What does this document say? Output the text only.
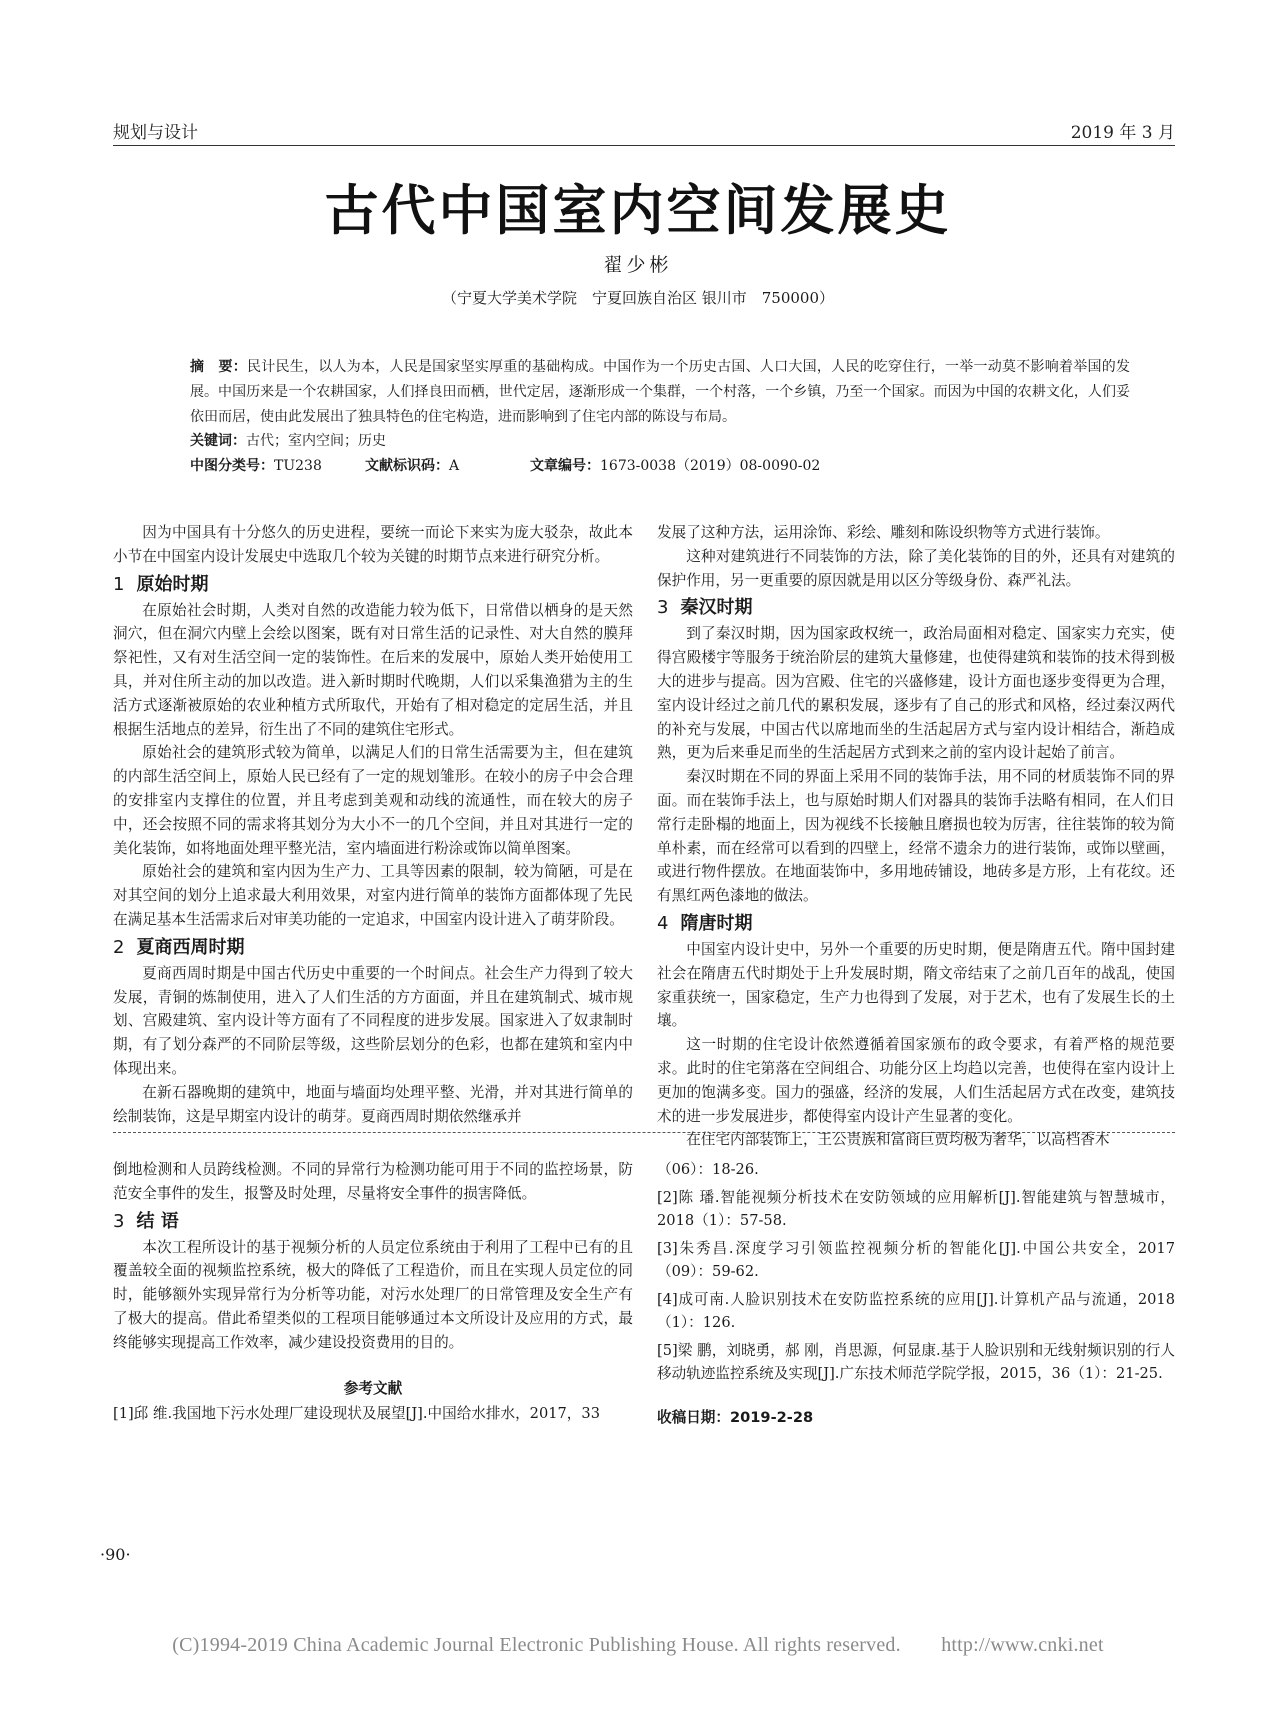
规划与设计	2019 年 3 月
古代中国室内空间发展史
翟少彬
（宁夏大学美术学院　宁夏回族自治区 银川市　750000）
摘　要：民计民生，以人为本，人民是国家坚实厚重的基础构成。中国作为一个历史古国、人口大国，人民的吃穿住行，一举一动莫不影响着举国的发展。中国历来是一个农耕国家，人们择良田而栖，世代定居，逐渐形成一个集群，一个村落，一个乡镇，乃至一个国家。而因为中国的农耕文化，人们妥依田而居，使由此发展出了独具特色的住宅构造，进而影响到了住宅内部的陈设与布局。
关键词：古代；室内空间；历史
中图分类号：TU238	文献标识码：A	文章编号：1673-0038（2019）08-0090-02

因为中国具有十分悠久的历史进程，要统一而论下来实为庞大驳杂，故此本小节在中国室内设计发展史中选取几个较为关键的时期节点来进行研究分析。

1 原始时期

在原始社会时期，人类对自然的改造能力较为低下，日常借以栖身的是天然洞穴，但在洞穴内壁上会绘以图案，既有对日常生活的记录性、对大自然的膜拜祭祀性，又有对生活空间一定的装饰性。在后来的发展中，原始人类开始使用工具，并对住所主动的加以改造。进入新时期时代晚期，人们以采集渔猎为主的生活方式逐渐被原始的农业种植方式所取代，开始有了相对稳定的定居生活，并且根据生活地点的差异，衍生出了不同的建筑住宅形式。

原始社会的建筑形式较为简单，以满足人们的日常生活需要为主，但在建筑的内部生活空间上，原始人民已经有了一定的规划雏形。在较小的房子中会合理的安排室内支撑住的位置，并且考虑到美观和动线的流通性，而在较大的房子中，还会按照不同的需求将其划分为大小不一的几个空间，并且对其进行一定的美化装饰，如将地面处理平整光洁，室内墙面进行粉涂或饰以简单图案。

原始社会的建筑和室内因为生产力、工具等因素的限制，较为简陋，可是在对其空间的划分上追求最大利用效果，对室内进行简单的装饰方面都体现了先民在满足基本生活需求后对审美功能的一定追求，中国室内设计进入了萌芽阶段。

2 夏商西周时期

夏商西周时期是中国古代历史中重要的一个时间点。社会生产力得到了较大发展，青铜的炼制使用，进入了人们生活的方方面面，并且在建筑制式、城市规划、宫殿建筑、室内设计等方面有了不同程度的进步发展。国家进入了奴隶制时期，有了划分森严的不同阶层等级，这些阶层划分的色彩，也都在建筑和室内中体现出来。

在新石器晚期的建筑中，地面与墙面均处理平整、光滑，并对其进行简单的绘制装饰，这是早期室内设计的萌芽。夏商西周时期依然继承并

发展了这种方法，运用涂饰、彩绘、雕刻和陈设织物等方式进行装饰。

这种对建筑进行不同装饰的方法，除了美化装饰的目的外，还具有对建筑的保护作用，另一更重要的原因就是用以区分等级身份、森严礼法。

3 秦汉时期

到了秦汉时期，因为国家政权统一，政治局面相对稳定、国家实力充实，使得宫殿楼宇等服务于统治阶层的建筑大量修建，也使得建筑和装饰的技术得到极大的进步与提高。因为宫殿、住宅的兴盛修建，设计方面也逐步变得更为合理，室内设计经过之前几代的累积发展，逐步有了自己的形式和风格，经过秦汉两代的补充与发展，中国古代以席地而坐的生活起居方式与室内设计相结合，渐趋成熟，更为后来垂足而坐的生活起居方式到来之前的室内设计起始了前言。

秦汉时期在不同的界面上采用不同的装饰手法，用不同的材质装饰不同的界面。而在装饰手法上，也与原始时期人们对器具的装饰手法略有相同，在人们日常行走卧榻的地面上，因为视线不长接触且磨损也较为厉害，往往装饰的较为简单朴素，而在经常可以看到的四壁上，经常不遗余力的进行装饰，或饰以壁画，或进行物件摆放。在地面装饰中，多用地砖铺设，地砖多是方形，上有花纹。还有黑红两色漆地的做法。

4 隋唐时期

中国室内设计史中，另外一个重要的历史时期，便是隋唐五代。隋中国封建社会在隋唐五代时期处于上升发展时期，隋文帝结束了之前几百年的战乱，使国家重获统一，国家稳定，生产力也得到了发展，对于艺术，也有了发展生长的土壤。

这一时期的住宅设计依然遵循着国家颁布的政令要求，有着严格的规范要求。此时的住宅第落在空间组合、功能分区上均趋以完善，也使得在室内设计上更加的饱满多变。国力的强盛，经济的发展，人们生活起居方式在改变，建筑技术的进一步发展进步，都使得室内设计产生显著的变化。

在住宅内部装饰上，王公贵族和富商巨贾均极为奢华，以高档香木

倒地检测和人员跨线检测。不同的异常行为检测功能可用于不同的监控场景，防范安全事件的发生，报警及时处理，尽量将安全事件的损害降低。

3 结 语

本次工程所设计的基于视频分析的人员定位系统由于利用了工程中已有的且覆盖较全面的视频监控系统，极大的降低了工程造价，而且在实现人员定位的同时，能够额外实现异常行为分析等功能，对污水处理厂的日常管理及安全生产有了极大的提高。借此希望类似的工程项目能够通过本文所设计及应用的方式，最终能够实现提高工作效率，减少建设投资费用的目的。

参考文献
[1]邱 维.我国地下污水处理厂建设现状及展望[J].中国给水排水，2017，33
（06）：18-26.
[2]陈 璠.智能视频分析技术在安防领域的应用解析[J].智能建筑与智慧城市，2018（1）：57-58.
[3]朱秀昌.深度学习引领监控视频分析的智能化[J].中国公共安全，2017（09）：59-62.
[4]成可南.人脸识别技术在安防监控系统的应用[J].计算机产品与流通，2018（1）：126.
[5]梁 鹏，刘晓勇，郝 刚，肖思源，何显康.基于人脸识别和无线射频识别的行人移动轨迹监控系统及实现[J].广东技术师范学院学报，2015，36（1）：21-25.
收稿日期：2019-2-28
·90·
(C)1994-2019 China Academic Journal Electronic Publishing House. All rights reserved.　　http://www.cnki.net
